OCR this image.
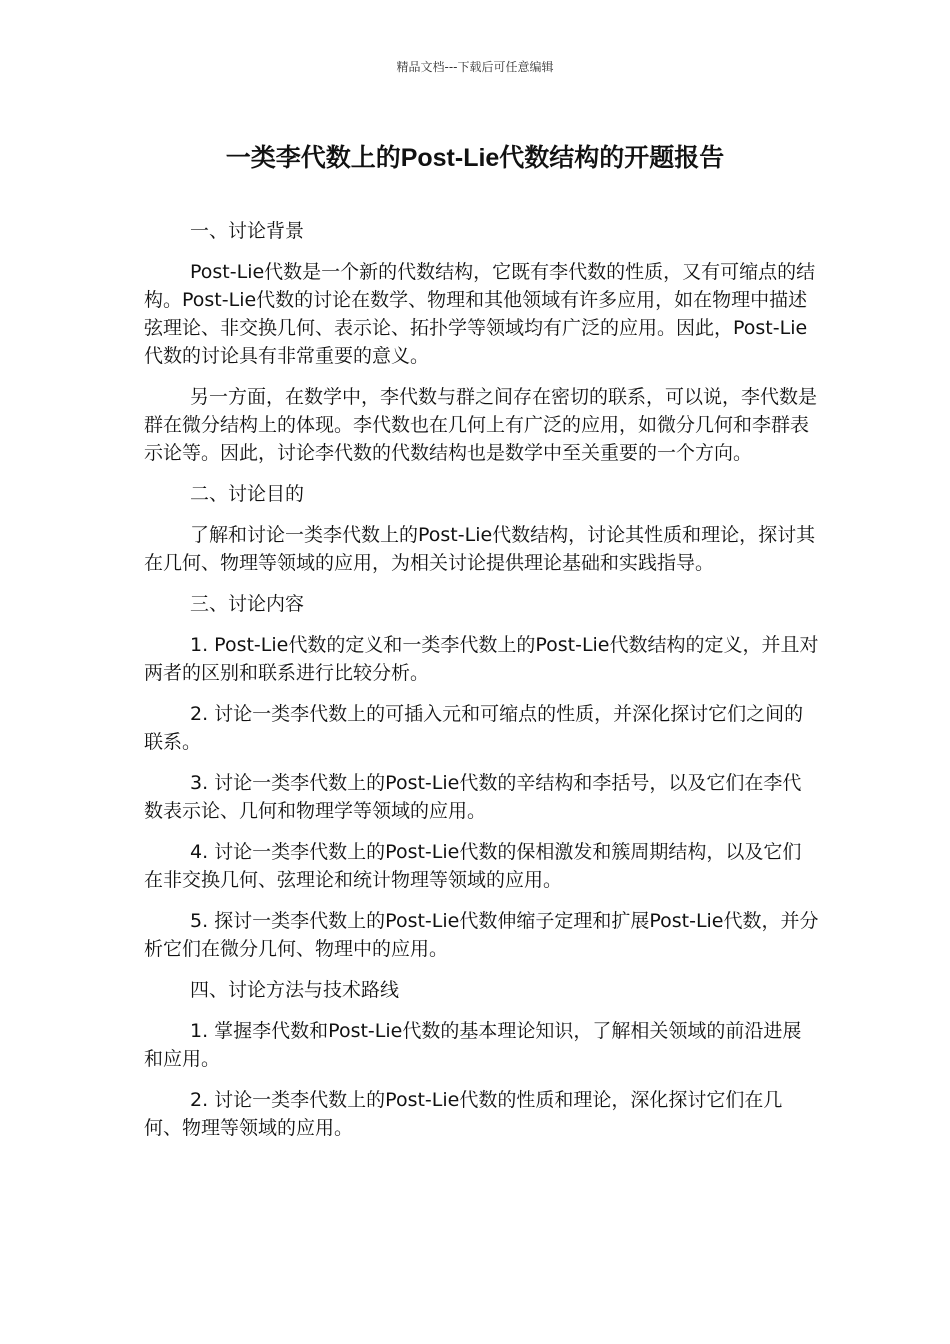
精品文档---下载后可任意编辑
一类李代数上的Post-Lie代数结构的开题报告

一、讨论背景

Post-Lie代数是一个新的代数结构，它既有李代数的性质，又有可缩点的结构。Post-Lie代数的讨论在数学、物理和其他领域有许多应用，如在物理中描述弦理论、非交换几何、表示论、拓扑学等领域均有广泛的应用。因此，Post-Lie代数的讨论具有非常重要的意义。

另一方面，在数学中，李代数与群之间存在密切的联系，可以说，李代数是群在微分结构上的体现。李代数也在几何上有广泛的应用，如微分几何和李群表示论等。因此，讨论李代数的代数结构也是数学中至关重要的一个方向。

二、讨论目的

了解和讨论一类李代数上的Post-Lie代数结构，讨论其性质和理论，探讨其在几何、物理等领域的应用，为相关讨论提供理论基础和实践指导。

三、讨论内容

1. Post-Lie代数的定义和一类李代数上的Post-Lie代数结构的定义，并且对两者的区别和联系进行比较分析。

2. 讨论一类李代数上的可插入元和可缩点的性质，并深化探讨它们之间的联系。

3. 讨论一类李代数上的Post-Lie代数的辛结构和李括号，以及它们在李代数表示论、几何和物理学等领域的应用。

4. 讨论一类李代数上的Post-Lie代数的保相激发和簇周期结构，以及它们在非交换几何、弦理论和统计物理等领域的应用。

5. 探讨一类李代数上的Post-Lie代数伸缩子定理和扩展Post-Lie代数，并分析它们在微分几何、物理中的应用。

四、讨论方法与技术路线

1. 掌握李代数和Post-Lie代数的基本理论知识，了解相关领域的前沿进展和应用。

2. 讨论一类李代数上的Post-Lie代数的性质和理论，深化探讨它们在几何、物理等领域的应用。
